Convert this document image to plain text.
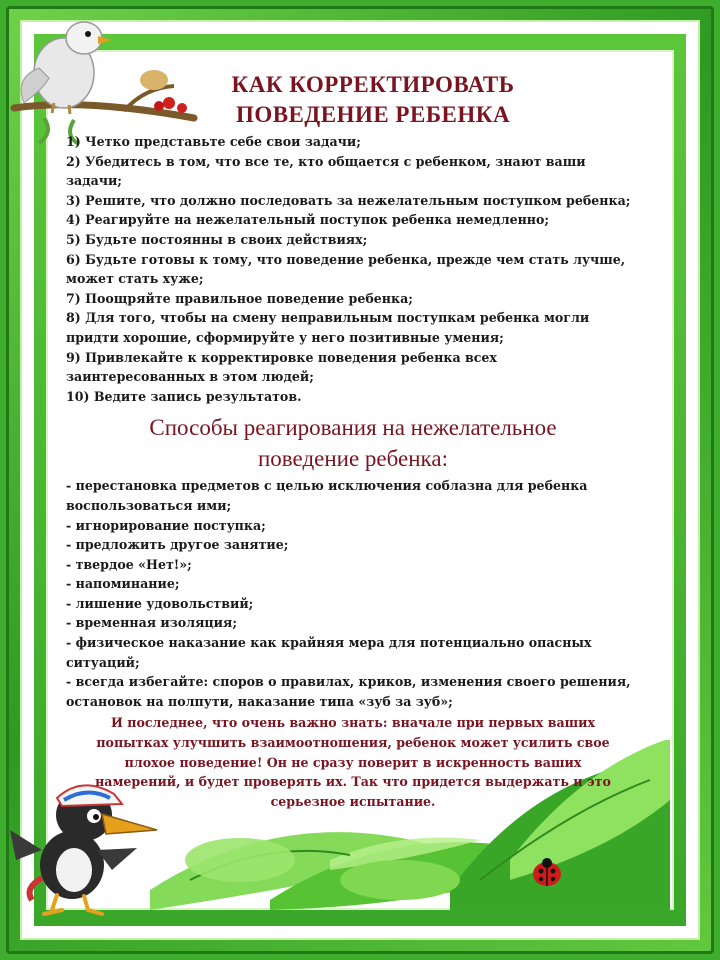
КАК КОРРЕКТИРОВАТЬ
ПОВЕДЕНИЕ РЕБЕНКА
1) Четко представьте себе свои задачи;
2) Убедитесь в том, что все те, кто общается с ребенком, знают ваши задачи;
3) Решите, что должно последовать за нежелательным поступком ребенка;
4) Реагируйте на нежелательный поступок ребенка немедленно;
5) Будьте постоянны в своих действиях;
6) Будьте готовы к тому, что поведение ребенка, прежде чем стать лучше, может стать хуже;
7) Поощряйте правильное поведение ребенка;
8) Для того, чтобы на смену неправильным поступкам ребенка могли придти хорошие, сформируйте у него позитивные умения;
9) Привлекайте к корректировке поведения ребенка всех заинтересованных в этом людей;
10) Ведите запись результатов.
Способы реагирования на нежелательное
поведение ребенка:
- перестановка предметов с целью исключения соблазна для ребенка воспользоваться ими;
- игнорирование поступка;
- предложить другое занятие;
- твердое «Нет!»;
- напоминание;
- лишение удовольствий;
- временная изоляция;
- физическое наказание как крайняя мера для потенциально опасных ситуаций;
- всегда избегайте: споров о правилах, криков, изменения своего решения, остановок на полпути, наказание типа «зуб за зуб»;
И последнее, что очень важно знать: вначале при первых ваших попытках улучшить взаимоотношения, ребенок может усилить свое плохое поведение! Он не сразу поверит в искренность ваших намерений, и будет проверять их. Так что придется выдержать и это серьезное испытание.
